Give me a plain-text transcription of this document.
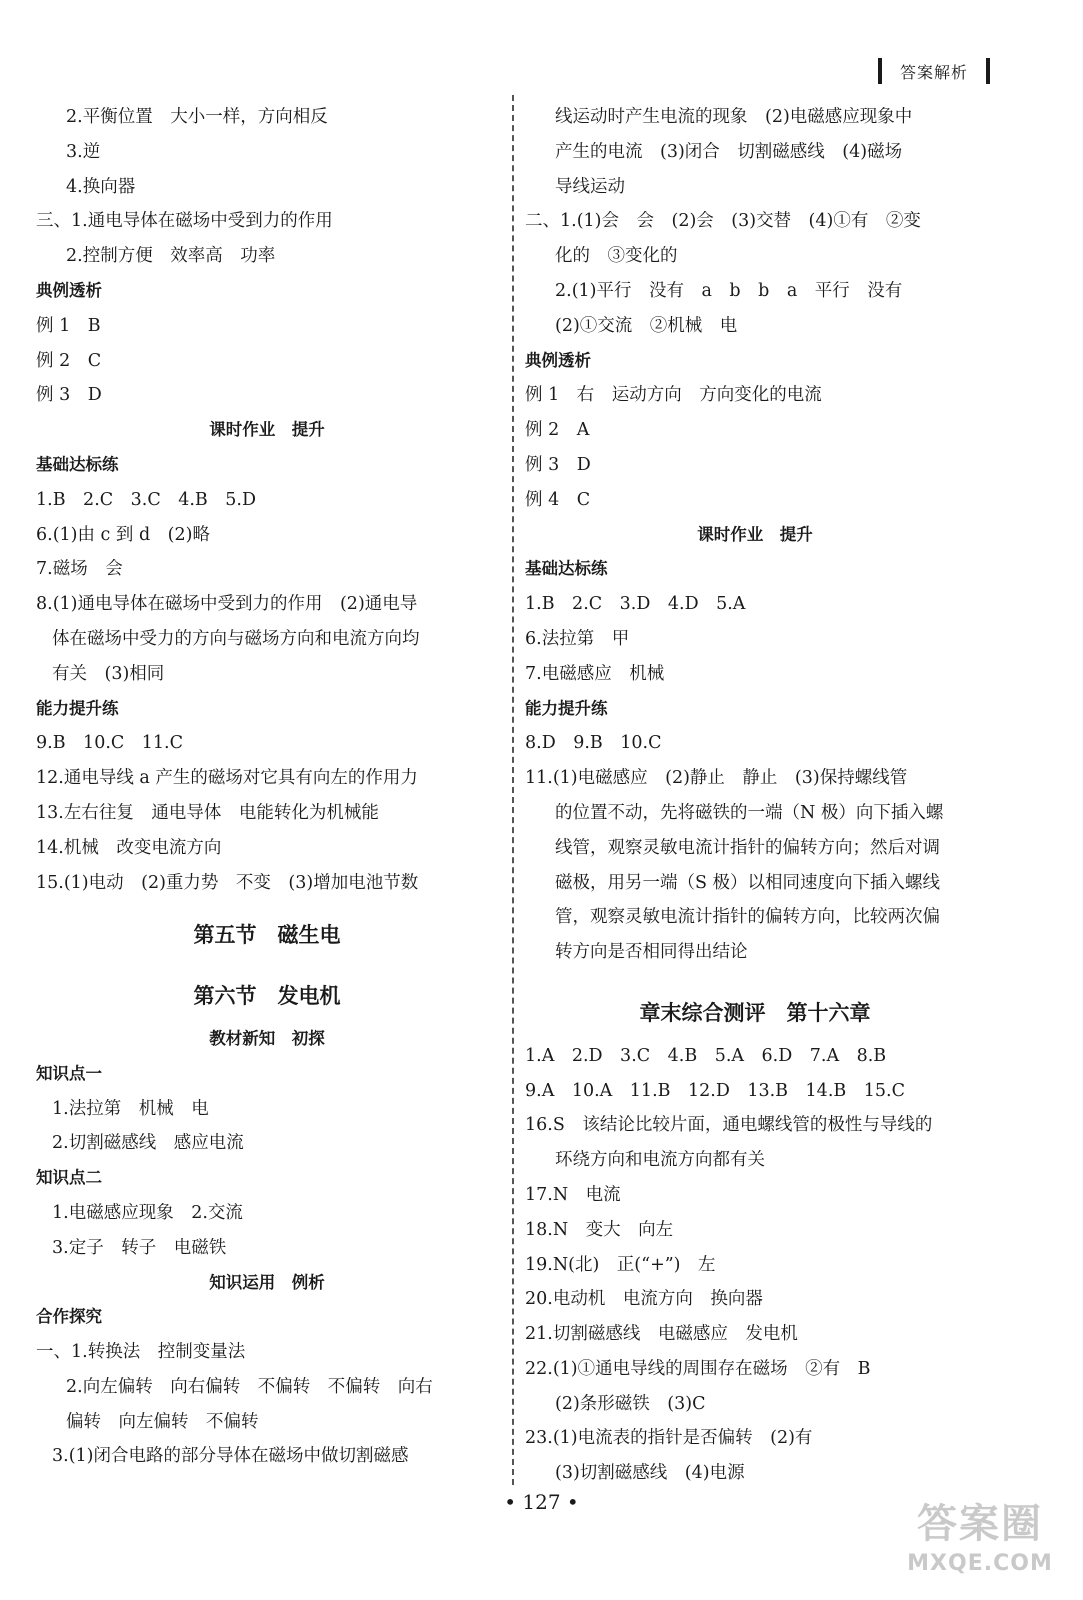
答案解析
2.平衡位置　大小一样，方向相反
3.逆
4.换向器
三、1.通电导体在磁场中受到力的作用
2.控制方便　效率高　功率
典例透析
例 1　B
例 2　C
例 3　D
课时作业　提升
基础达标练
1.B　2.C　3.C　4.B　5.D
6.(1)由 c 到 d　(2)略
7.磁场　会
8.(1)通电导体在磁场中受到力的作用　(2)通电导
体在磁场中受力的方向与磁场方向和电流方向均
有关　(3)相同
能力提升练
9.B　10.C　11.C
12.通电导线 a 产生的磁场对它具有向左的作用力
13.左右往复　通电导体　电能转化为机械能
14.机械　改变电流方向
15.(1)电动　(2)重力势　不变　(3)增加电池节数
第五节　磁生电
第六节　发电机
教材新知　初探
知识点一
1.法拉第　机械　电
2.切割磁感线　感应电流
知识点二
1.电磁感应现象　2.交流
3.定子　转子　电磁铁
知识运用　例析
合作探究
一、1.转换法　控制变量法
2.向左偏转　向右偏转　不偏转　不偏转　向右
偏转　向左偏转　不偏转
3.(1)闭合电路的部分导体在磁场中做切割磁感
线运动时产生电流的现象　(2)电磁感应现象中
产生的电流　(3)闭合　切割磁感线　(4)磁场
导线运动
二、1.(1)会　会　(2)会　(3)交替　(4)①有　②变
化的　③变化的
2.(1)平行　没有　a　b　b　a　平行　没有
(2)①交流　②机械　电
典例透析
例 1　右　运动方向　方向变化的电流
例 2　A
例 3　D
例 4　C
课时作业　提升
基础达标练
1.B　2.C　3.D　4.D　5.A
6.法拉第　甲
7.电磁感应　机械
能力提升练
8.D　9.B　10.C
11.(1)电磁感应　(2)静止　静止　(3)保持螺线管
的位置不动，先将磁铁的一端（N 极）向下插入螺
线管，观察灵敏电流计指针的偏转方向；然后对调
磁极，用另一端（S 极）以相同速度向下插入螺线
管，观察灵敏电流计指针的偏转方向，比较两次偏
转方向是否相同得出结论
章末综合测评　第十六章
1.A　2.D　3.C　4.B　5.A　6.D　7.A　8.B
9.A　10.A　11.B　12.D　13.B　14.B　15.C
16.S　该结论比较片面，通电螺线管的极性与导线的
环绕方向和电流方向都有关
17.N　电流
18.N　变大　向左
19.N(北)　正(“+”)　左
20.电动机　电流方向　换向器
21.切割磁感线　电磁感应　发电机
22.(1)①通电导线的周围存在磁场　②有　B
(2)条形磁铁　(3)C
23.(1)电流表的指针是否偏转　(2)有
(3)切割磁感线　(4)电源
• 127 •	答案圈
MXQE.COM
